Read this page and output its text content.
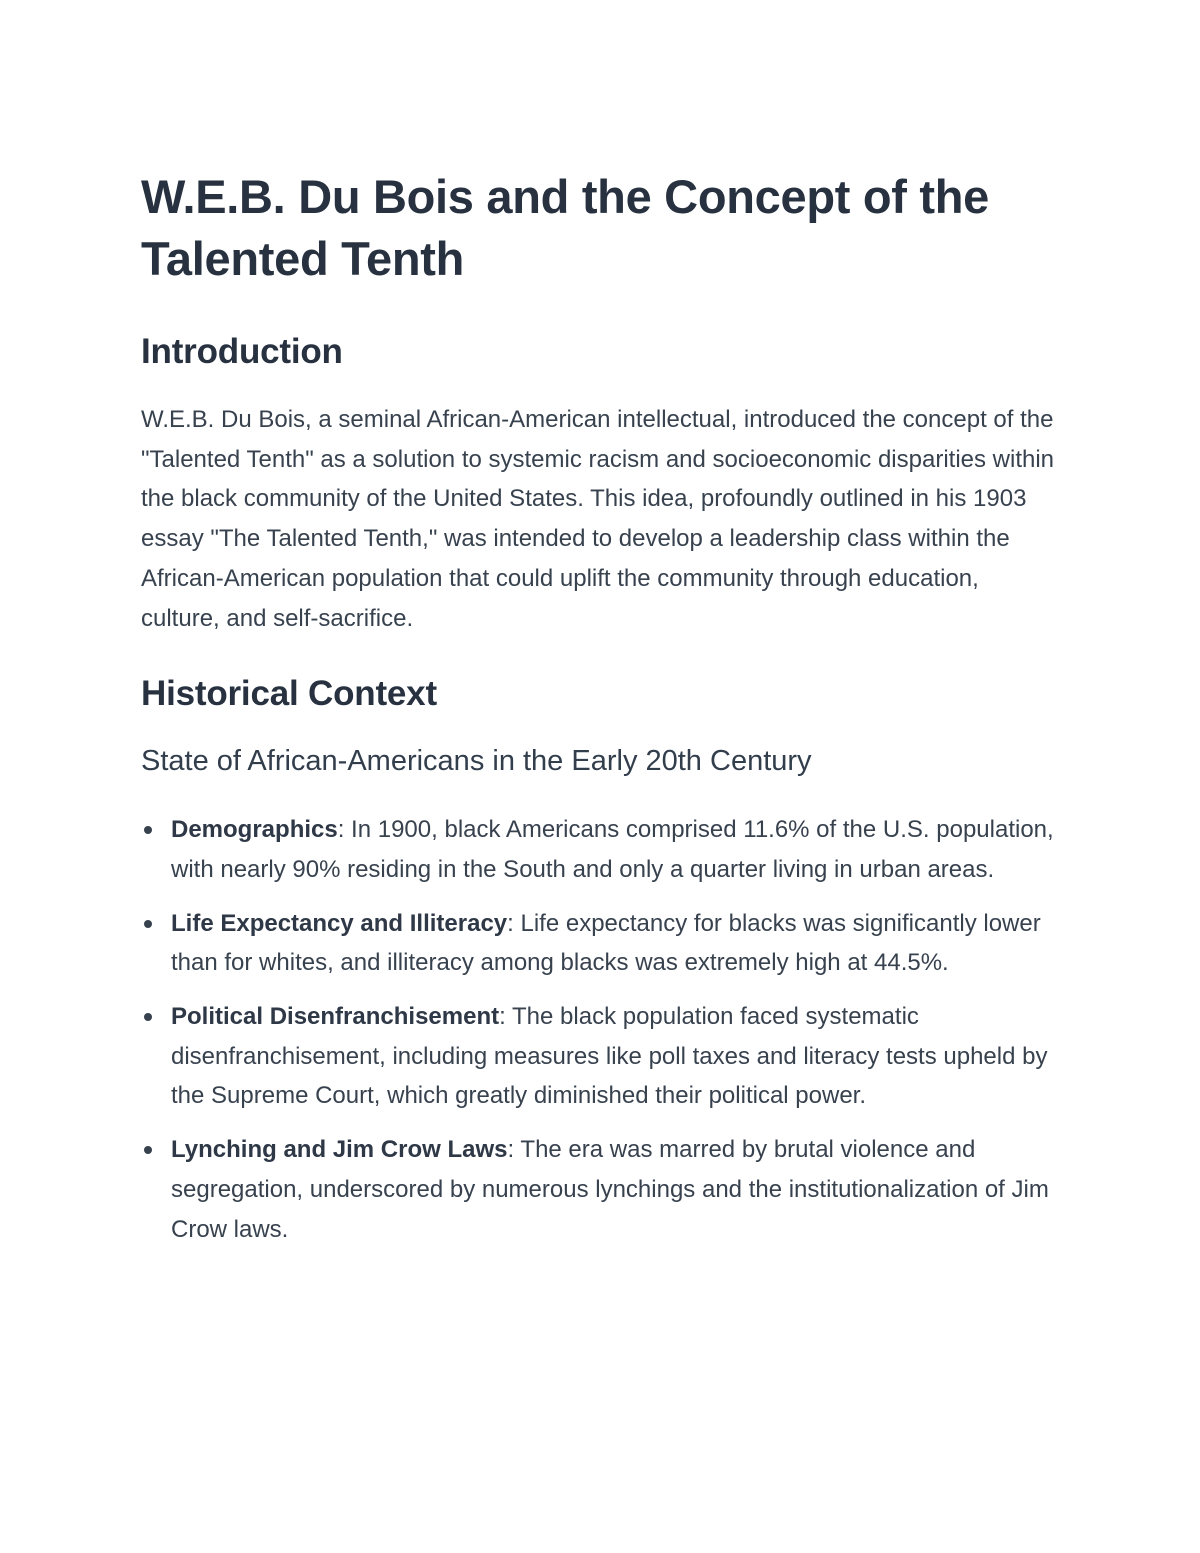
W.E.B. Du Bois and the Concept of the Talented Tenth
Introduction

W.E.B. Du Bois, a seminal African-American intellectual, introduced the concept of the "Talented Tenth" as a solution to systemic racism and socioeconomic disparities within the black community of the United States. This idea, profoundly outlined in his 1903 essay "The Talented Tenth," was intended to develop a leadership class within the African-American population that could uplift the community through education, culture, and self-sacrifice.

Historical Context
State of African-Americans in the Early 20th Century
Demographics: In 1900, black Americans comprised 11.6% of the U.S. population, with nearly 90% residing in the South and only a quarter living in urban areas.
Life Expectancy and Illiteracy: Life expectancy for blacks was significantly lower than for whites, and illiteracy among blacks was extremely high at 44.5%.
Political Disenfranchisement: The black population faced systematic disenfranchisement, including measures like poll taxes and literacy tests upheld by the Supreme Court, which greatly diminished their political power.
Lynching and Jim Crow Laws: The era was marred by brutal violence and segregation, underscored by numerous lynchings and the institutionalization of Jim Crow laws.
